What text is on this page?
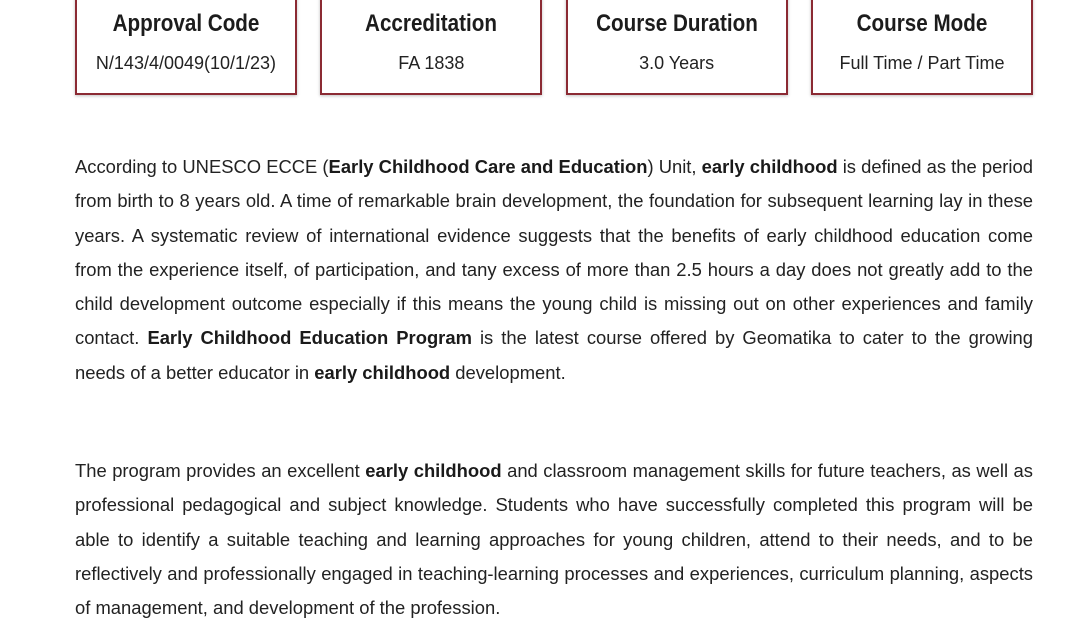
Approval Code
N/143/4/0049(10/1/23)
Accreditation
FA 1838
Course Duration
3.0 Years
Course Mode
Full Time / Part Time

According to UNESCO ECCE (Early Childhood Care and Education) Unit, early childhood is defined as the period from birth to 8 years old. A time of remarkable brain development, the foundation for subsequent learning lay in these years. A systematic review of international evidence suggests that the benefits of early childhood education come from the experience itself, of participation, and tany excess of more than 2.5 hours a day does not greatly add to the child development outcome especially if this means the young child is missing out on other experiences and family contact. Early Childhood Education Program is the latest course offered by Geomatika to cater to the growing needs of a better educator in early childhood development.

The program provides an excellent early childhood and classroom management skills for future teachers, as well as professional pedagogical and subject knowledge. Students who have successfully completed this program will be able to identify a suitable teaching and learning approaches for young children, attend to their needs, and to be reflectively and professionally engaged in teaching-learning processes and experiences, curriculum planning, aspects of management, and development of the profession.
